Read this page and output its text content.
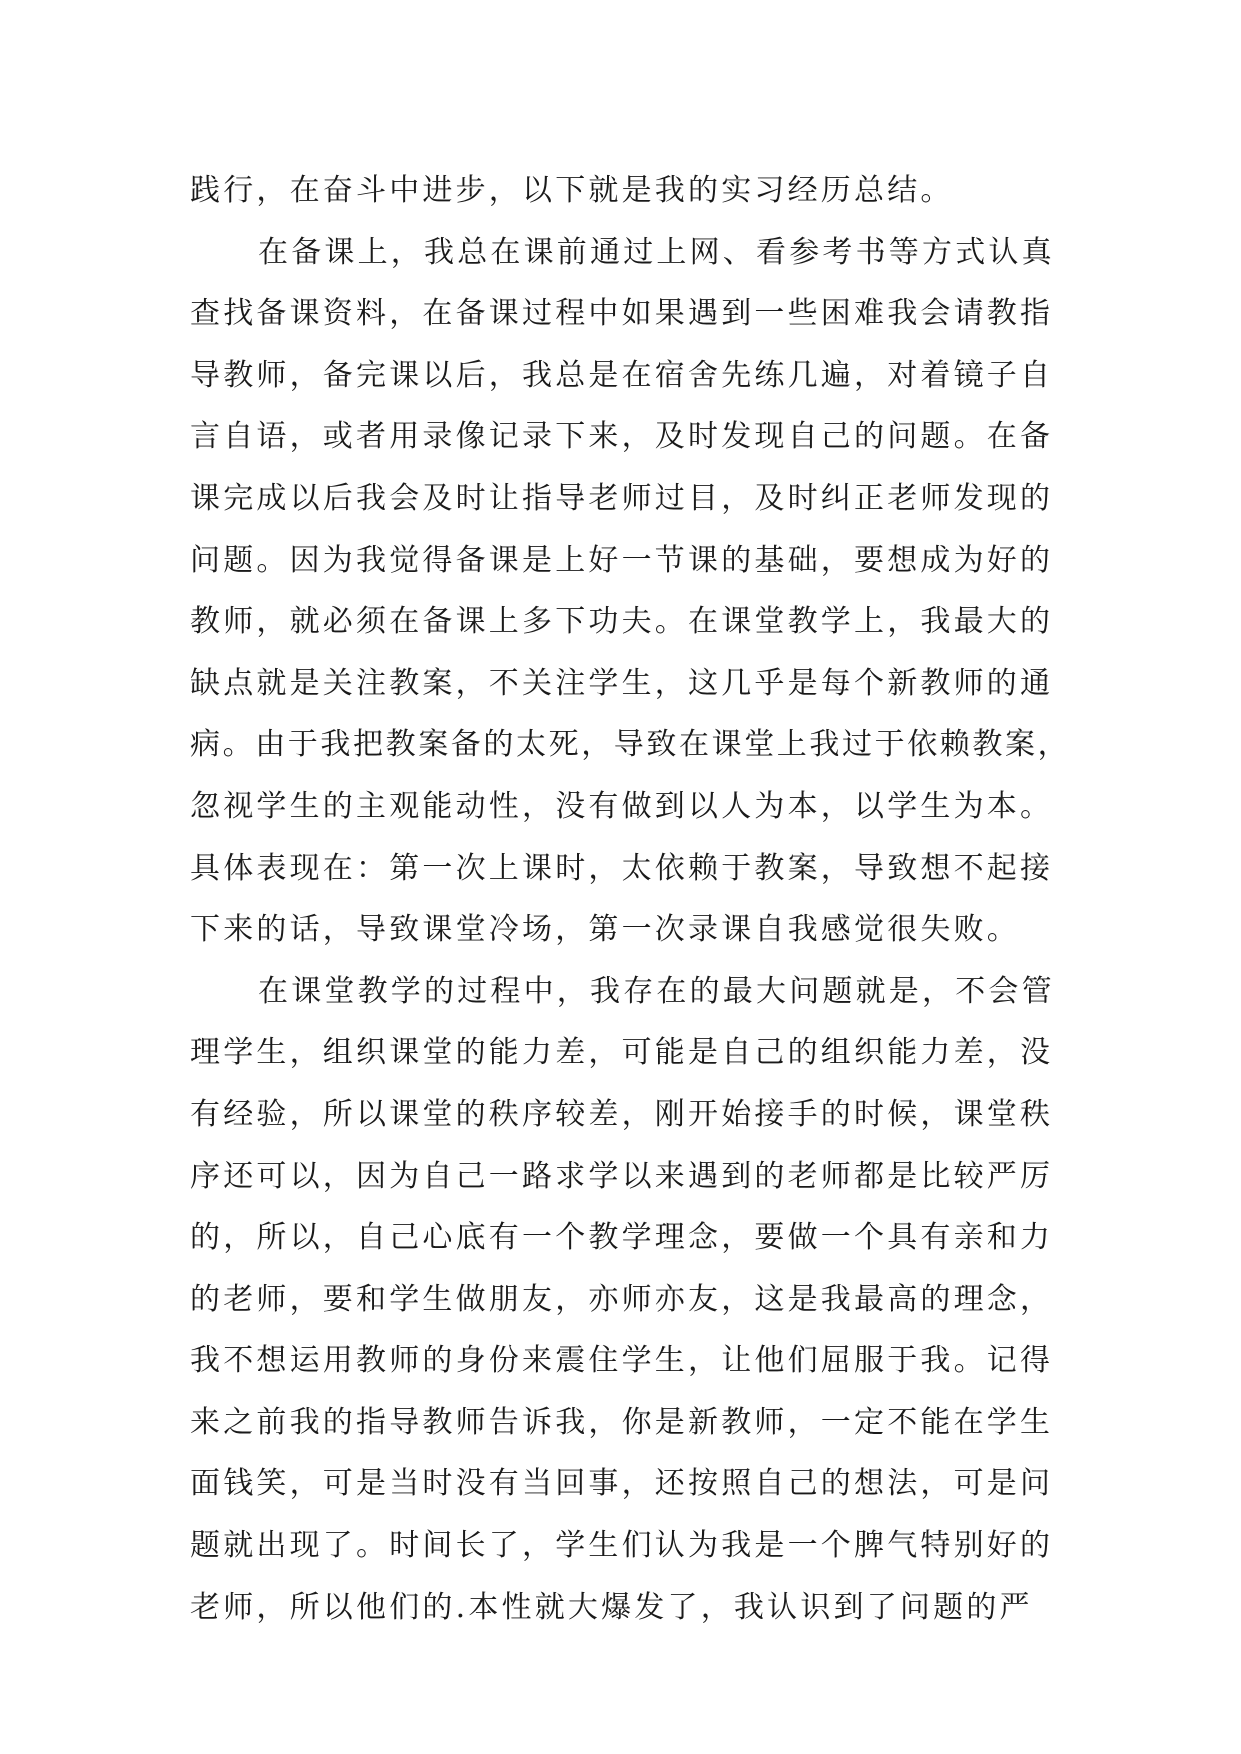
践行，在奋斗中进步，以下就是我的实习经历总结。
在备课上，我总在课前通过上网、看参考书等方式认真
查找备课资料，在备课过程中如果遇到一些困难我会请教指
导教师，备完课以后，我总是在宿舍先练几遍，对着镜子自
言自语，或者用录像记录下来，及时发现自己的问题。在备
课完成以后我会及时让指导老师过目，及时纠正老师发现的
问题。因为我觉得备课是上好一节课的基础，要想成为好的
教师，就必须在备课上多下功夫。在课堂教学上，我最大的
缺点就是关注教案，不关注学生，这几乎是每个新教师的通
病。由于我把教案备的太死，导致在课堂上我过于依赖教案，
忽视学生的主观能动性，没有做到以人为本，以学生为本。
具体表现在：第一次上课时，太依赖于教案，导致想不起接
下来的话，导致课堂冷场，第一次录课自我感觉很失败。
在课堂教学的过程中，我存在的最大问题就是，不会管
理学生，组织课堂的能力差，可能是自己的组织能力差，没
有经验，所以课堂的秩序较差，刚开始接手的时候，课堂秩
序还可以，因为自己一路求学以来遇到的老师都是比较严厉
的，所以，自己心底有一个教学理念，要做一个具有亲和力
的老师，要和学生做朋友，亦师亦友，这是我最高的理念，
我不想运用教师的身份来震住学生，让他们屈服于我。记得
来之前我的指导教师告诉我，你是新教师，一定不能在学生
面钱笑，可是当时没有当回事，还按照自己的想法，可是问
题就出现了。时间长了，学生们认为我是一个脾气特别好的
老师，所以他们的.本性就大爆发了，我认识到了问题的严
